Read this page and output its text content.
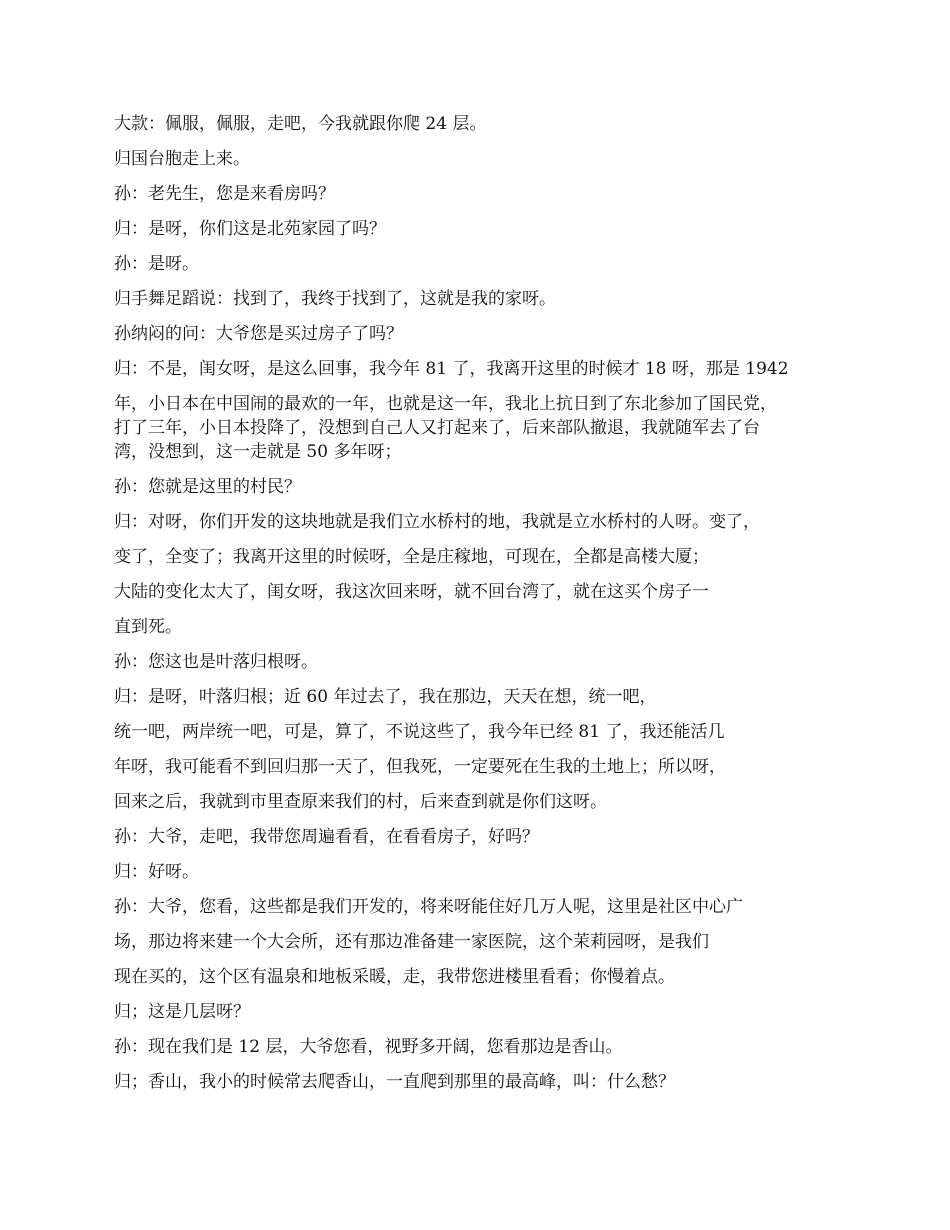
大款：佩服，佩服，走吧，今我就跟你爬 24 层。

归国台胞走上来。

孙：老先生，您是来看房吗？

归：是呀，你们这是北苑家园了吗？

孙：是呀。

归手舞足蹈说：找到了，我终于找到了，这就是我的家呀。

孙纳闷的问：大爷您是买过房子了吗？

归：不是，闺女呀，是这么回事，我今年 81 了，我离开这里的时候才 18 呀，那是 1942

年，小日本在中国闹的最欢的一年，也就是这一年，我北上抗日到了东北参加了国民党，

打了三年，小日本投降了，没想到自己人又打起来了，后来部队撤退，我就随军去了台

湾，没想到，这一走就是 50 多年呀；

孙：您就是这里的村民？

归：对呀，你们开发的这块地就是我们立水桥村的地，我就是立水桥村的人呀。变了，

变了，全变了；我离开这里的时候呀，全是庄稼地，可现在，全都是高楼大厦；

大陆的变化太大了，闺女呀，我这次回来呀，就不回台湾了，就在这买个房子一

直到死。

孙：您这也是叶落归根呀。

归：是呀，叶落归根；近 60 年过去了，我在那边，天天在想，统一吧，

统一吧，两岸统一吧，可是，算了，不说这些了，我今年已经 81 了，我还能活几

年呀，我可能看不到回归那一天了，但我死，一定要死在生我的土地上；所以呀，

回来之后，我就到市里查原来我们的村，后来查到就是你们这呀。

孙：大爷，走吧，我带您周遍看看，在看看房子，好吗？

归：好呀。

孙：大爷，您看，这些都是我们开发的，将来呀能住好几万人呢，这里是社区中心广

场，那边将来建一个大会所，还有那边准备建一家医院，这个茉莉园呀，是我们

现在买的，这个区有温泉和地板采暖，走，我带您进楼里看看；你慢着点。

归；这是几层呀？

孙：现在我们是 12 层，大爷您看，视野多开阔，您看那边是香山。

归；香山，我小的时候常去爬香山，一直爬到那里的最高峰，叫：什么愁？
